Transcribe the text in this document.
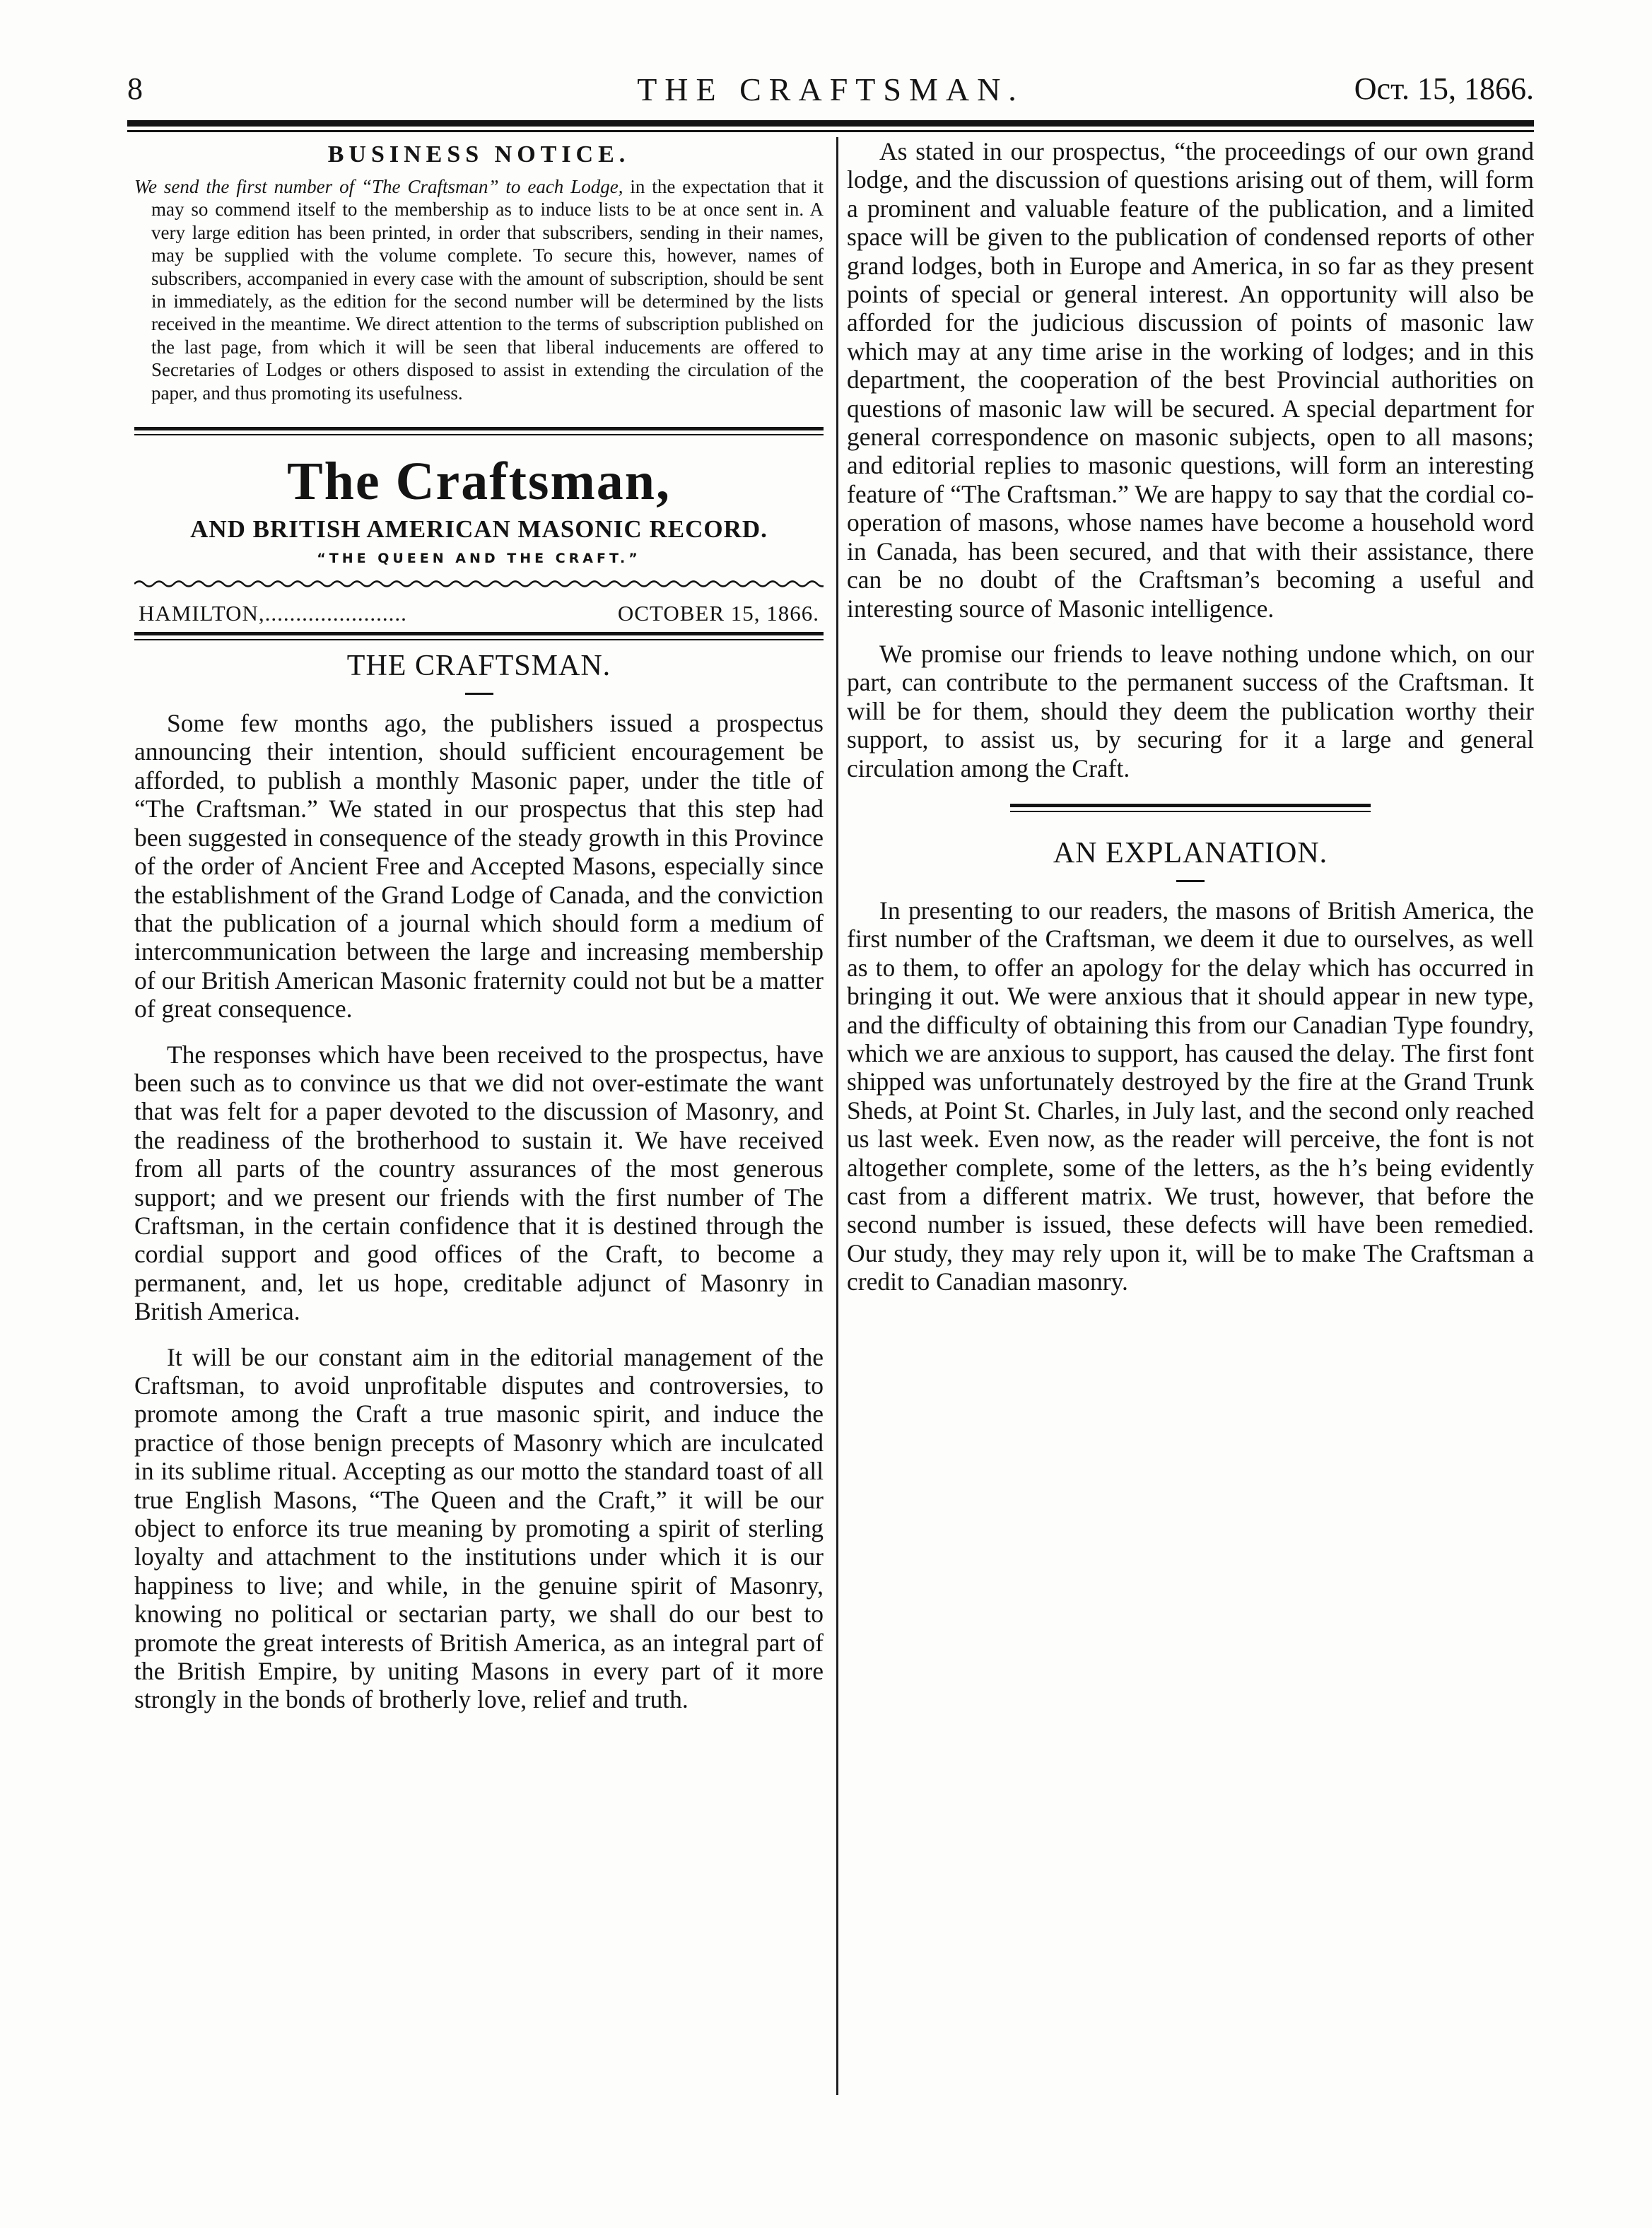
8	THE CRAFTSMAN.	Ocт. 15, 1866.
BUSINESS NOTICE.
We send the first number of “The Craftsman” to each Lodge, in the expectation that it may so commend itself to the membership as to induce lists to be at once sent in. A very large edition has been printed, in order that subscribers, sending in their names, may be supplied with the volume complete. To secure this, however, names of subscribers, accompanied in every case with the amount of subscription, should be sent in immediately, as the edition for the second number will be determined by the lists received in the meantime. We direct attention to the terms of subscription published on the last page, from which it will be seen that liberal inducements are offered to Secretaries of Lodges or others disposed to assist in extending the circulation of the paper, and thus promoting its usefulness.
The Craftsman,
AND BRITISH AMERICAN MASONIC RECORD.
“THE QUEEN AND THE CRAFT.”
HAMILTON,.......................	OCTOBER 15, 1866.
THE CRAFTSMAN.

Some few months ago, the publishers issued a prospectus announcing their intention, should sufficient encouragement be afforded, to publish a monthly Masonic paper, under the title of “The Craftsman.” We stated in our prospectus that this step had been suggested in consequence of the steady growth in this Province of the order of Ancient Free and Accepted Masons, especially since the establishment of the Grand Lodge of Canada, and the conviction that the publication of a journal which should form a medium of intercommunication between the large and increasing membership of our British American Masonic fraternity could not but be a matter of great consequence.

The responses which have been received to the prospectus, have been such as to convince us that we did not over-estimate the want that was felt for a paper devoted to the discussion of Masonry, and the readiness of the brotherhood to sustain it. We have received from all parts of the country assurances of the most generous support; and we present our friends with the first number of The Craftsman, in the certain confidence that it is destined through the cordial support and good offices of the Craft, to become a permanent, and, let us hope, creditable adjunct of Masonry in British America.

It will be our constant aim in the editorial management of the Craftsman, to avoid unprofitable disputes and controversies, to promote among the Craft a true masonic spirit, and induce the practice of those benign precepts of Masonry which are inculcated in its sublime ritual. Accepting as our motto the standard toast of all true English Masons, “The Queen and the Craft,” it will be our object to enforce its true meaning by promoting a spirit of sterling loyalty and attachment to the institutions under which it is our happiness to live; and while, in the genuine spirit of Masonry, knowing no political or sectarian party, we shall do our best to promote the great interests of British America, as an integral part of the British Empire, by uniting Masons in every part of it more strongly in the bonds of brotherly love, relief and truth.

As stated in our prospectus, “the proceedings of our own grand lodge, and the discussion of questions arising out of them, will form a prominent and valuable feature of the publication, and a limited space will be given to the publication of condensed reports of other grand lodges, both in Europe and America, in so far as they present points of special or general interest. An opportunity will also be afforded for the judicious discussion of points of masonic law which may at any time arise in the working of lodges; and in this department, the cooperation of the best Provincial authorities on questions of masonic law will be secured. A special department for general correspondence on masonic subjects, open to all masons; and editorial replies to masonic questions, will form an interesting feature of “The Craftsman.” We are happy to say that the cordial co-operation of masons, whose names have become a household word in Canada, has been secured, and that with their assistance, there can be no doubt of the Craftsman’s becoming a useful and interesting source of Masonic intelligence.

We promise our friends to leave nothing undone which, on our part, can contribute to the permanent success of the Craftsman. It will be for them, should they deem the publication worthy their support, to assist us, by securing for it a large and general circulation among the Craft.

AN EXPLANATION.

In presenting to our readers, the masons of British America, the first number of the Craftsman, we deem it due to ourselves, as well as to them, to offer an apology for the delay which has occurred in bringing it out. We were anxious that it should appear in new type, and the difficulty of obtaining this from our Canadian Type foundry, which we are anxious to support, has caused the delay. The first font shipped was unfortunately destroyed by the fire at the Grand Trunk Sheds, at Point St. Charles, in July last, and the second only reached us last week. Even now, as the reader will perceive, the font is not altogether complete, some of the letters, as the h’s being evidently cast from a different matrix. We trust, however, that before the second number is issued, these defects will have been remedied. Our study, they may rely upon it, will be to make The Craftsman a credit to Canadian masonry.
